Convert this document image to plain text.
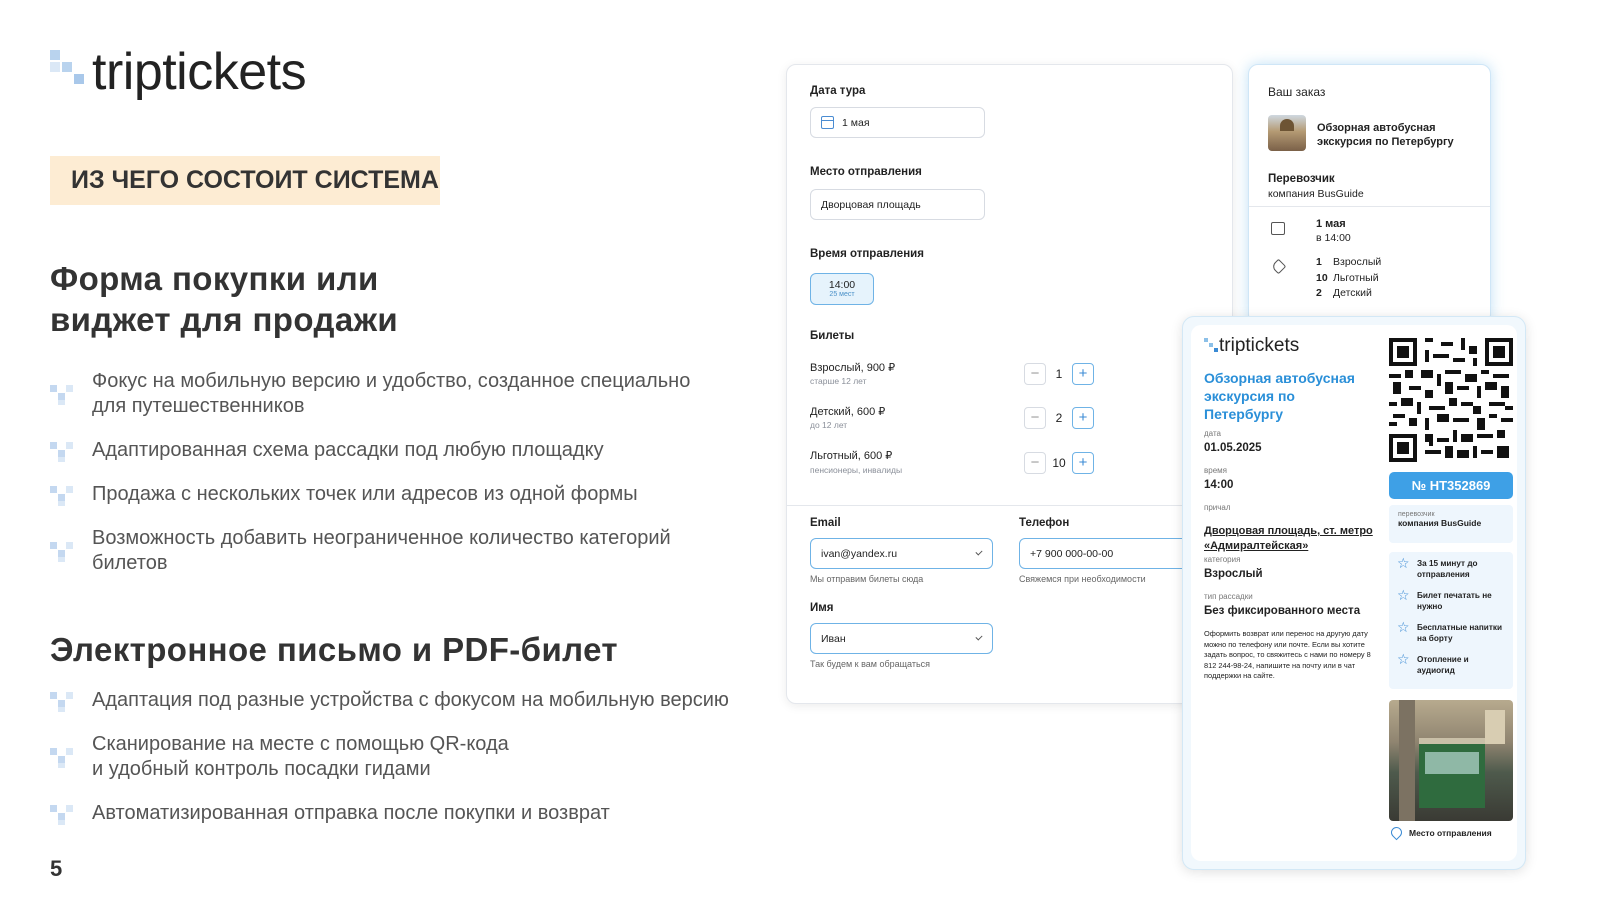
triptickets
ИЗ ЧЕГО СОСТОИТ СИСТЕМА
Форма покупки или
виджет для продажи
Фокус на мобильную версию и удобство, созданное специально для путешественников
Адаптированная схема рассадки под любую площадку
Продажа с нескольких точек или адресов из одной формы
Возможность добавить неограниченное количество категорий билетов
Электронное письмо и PDF-билет
Адаптация под разные устройства с фокусом на мобильную версию
Сканирование на месте с помощью QR-кода
и удобный контроль посадки гидами
Автоматизированная отправка после покупки и возврат
5
Дата тура
1 мая
Место отправления
Дворцовая площадь
Время отправления
14:00
25 мест
Билеты
Взрослый, 900 ₽
старше 12 лет	−	1	+
Детский, 600 ₽
до 12 лет	−	2	+
Льготный, 600 ₽
пенсионеры, инвалиды	−	10 +
Email
ivan@yandex.ru
Мы отправим билеты сюда
Телефон
+7 900 000-00-00
Свяжемся при необходимости
Имя
Иван
Так будем к вам обращаться
Ваш заказ
Обзорная автобусная экскурсия по Петербургу
Перевозчик
компания BusGuide
1 мая
в 14:00
1 Взрослый
10 Льготный
2 Детский
triptickets
Обзорная автобусная экскурсия по Петербургу
дата
01.05.2025
время
14:00
причал
Дворцовая площадь, ст. метро «Адмиралтейская»
категория
Взрослый
тип рассадки
Без фиксированного места
Оформить возврат или перенос на другую дату можно по телефону или почте. Если вы хотите задать вопрос, то свяжитесь с нами по номеру 8 812 244-98-24, напишите на почту или в чат поддержки на сайте.
№ НТ352869
перевозчик
компания BusGuide
☆ За 15 минут до отправления
☆ Билет печатать не нужно
☆ Бесплатные напитки на борту
☆ Отопление и аудиогид
Место отправления
